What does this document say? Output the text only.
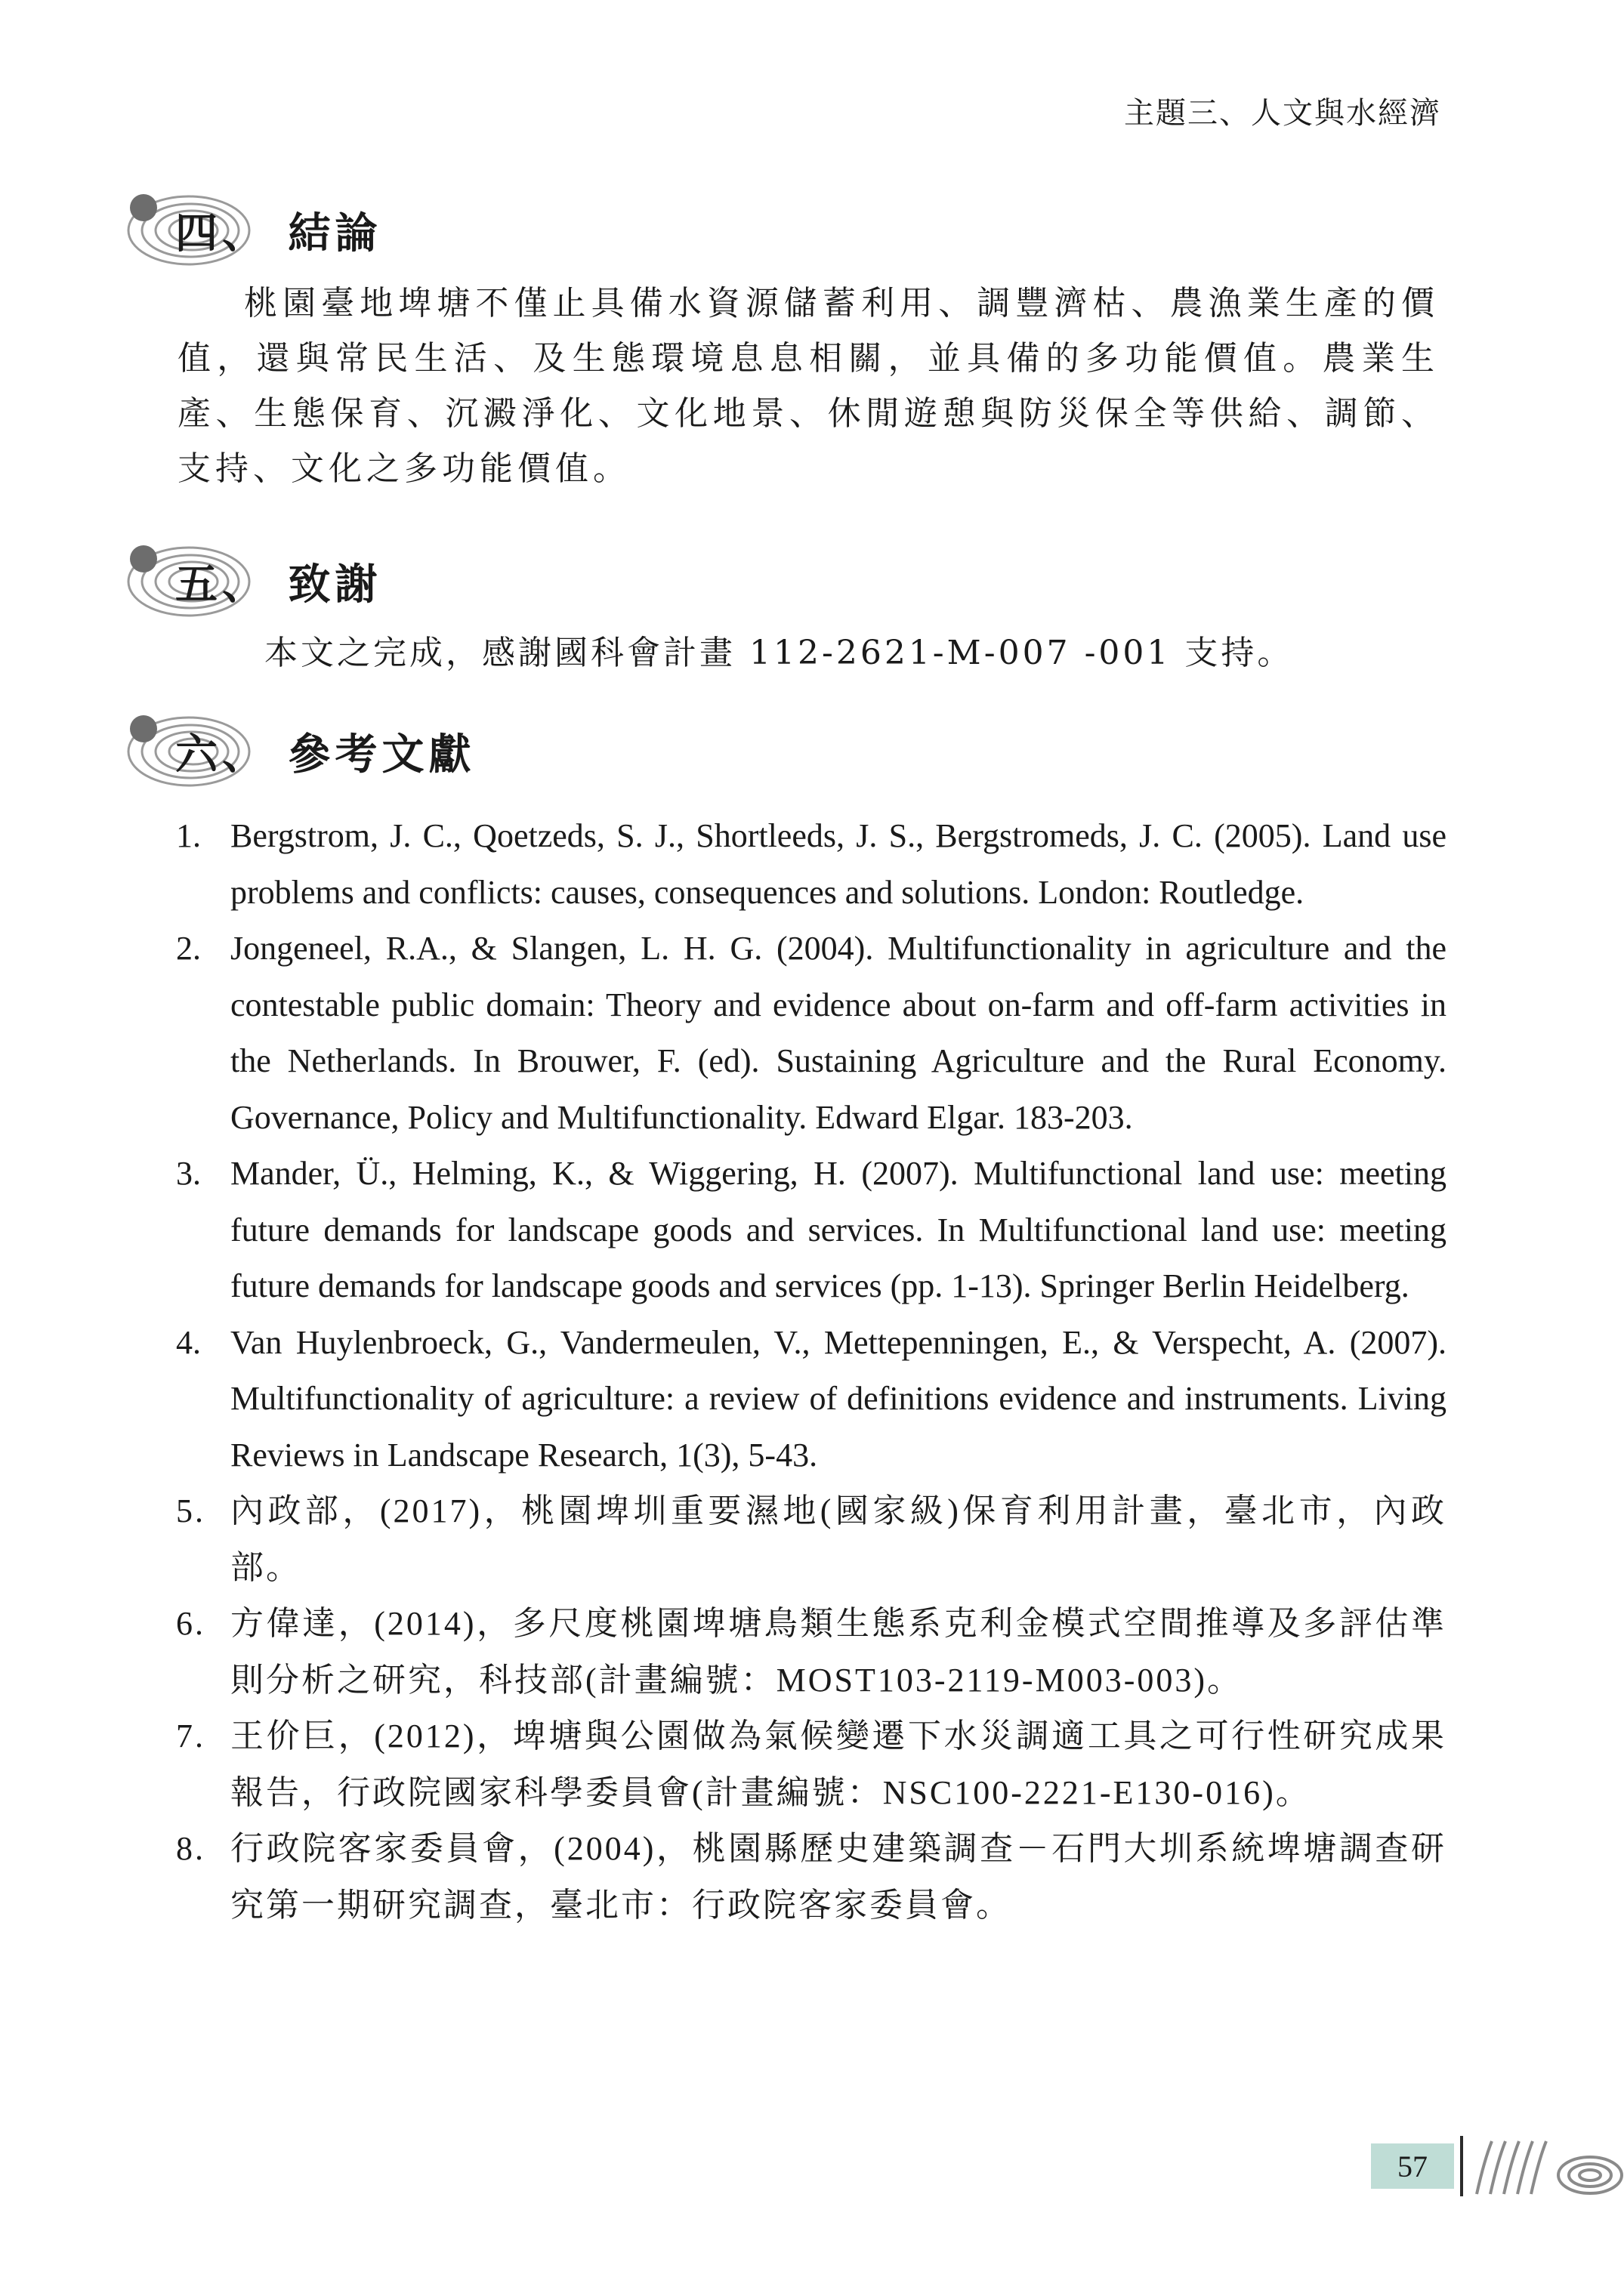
主題三、人文與水經濟
四、 結論

桃園臺地埤塘不僅止具備水資源儲蓄利用、調豐濟枯、農漁業生產的價值，還與常民生活、及生態環境息息相關，並具備的多功能價值。農業生產、生態保育、沉澱淨化、文化地景、休閒遊憩與防災保全等供給、調節、支持、文化之多功能價值。

五、 致謝
本文之完成，感謝國科會計畫 112-2621-M-007 -001 支持。
六、 參考文獻
1. Bergstrom, J. C., Qoetzeds, S. J., Shortleeds, J. S., Bergstromeds, J. C. (2005). Land use problems and conflicts: causes, consequences and solutions. London: Routledge.
2. Jongeneel, R.A., & Slangen, L. H. G. (2004). Multifunctionality in agriculture and the contestable public domain: Theory and evidence about on-farm and off-farm activities in the Netherlands. In Brouwer, F. (ed). Sustaining Agriculture and the Rural Economy. Governance, Policy and Multifunctionality. Edward Elgar. 183-203.
3. Mander, Ü., Helming, K., & Wiggering, H. (2007). Multifunctional land use: meeting future demands for landscape goods and services. In Multifunctional land use: meeting future demands for landscape goods and services (pp. 1-13). Springer Berlin Heidelberg.
4. Van Huylenbroeck, G., Vandermeulen, V., Mettepenningen, E., & Verspecht, A. (2007). Multifunctionality of agriculture: a review of definitions evidence and instruments. Living Reviews in Landscape Research, 1(3), 5-43.
5. 內政部，(2017)，桃園埤圳重要濕地(國家級)保育利用計畫，臺北市，內政部。
6. 方偉達，(2014)，多尺度桃園埤塘鳥類生態系克利金模式空間推導及多評估準則分析之研究，科技部(計畫編號：MOST103-2119-M003-003)。
7. 王价巨，(2012)，埤塘與公園做為氣候變遷下水災調適工具之可行性研究成果報告，行政院國家科學委員會(計畫編號：NSC100-2221-E130-016)。
8. 行政院客家委員會，(2004)，桃園縣歷史建築調查－石門大圳系統埤塘調查研究第一期研究調查，臺北市：行政院客家委員會。
57
